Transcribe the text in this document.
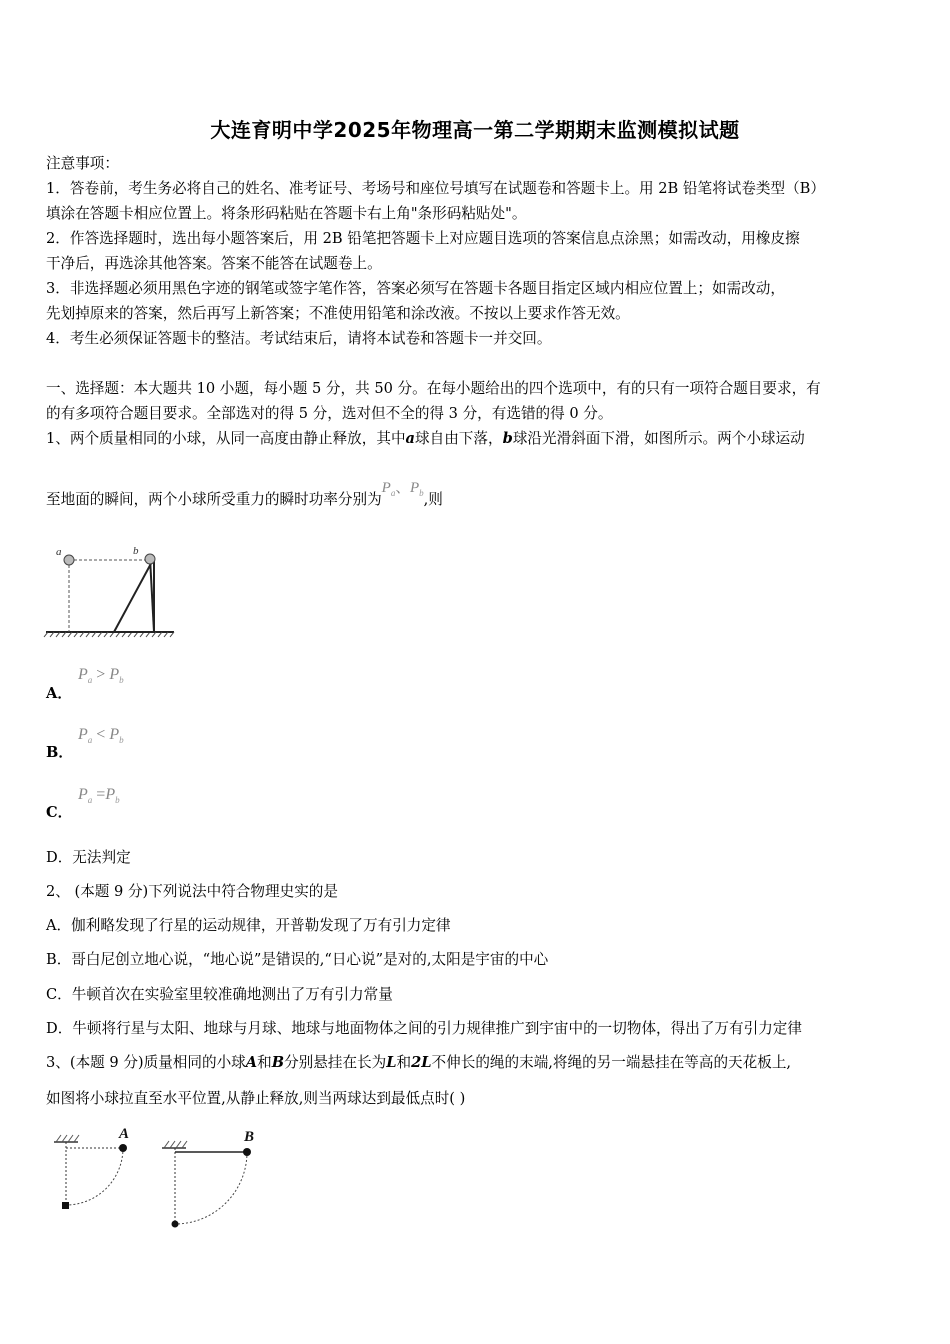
大连育明中学2025年物理高一第二学期期末监测模拟试题
注意事项：
1．答卷前，考生务必将自己的姓名、准考证号、考场号和座位号填写在试题卷和答题卡上。用 2B 铅笔将试卷类型（B）
填涂在答题卡相应位置上。将条形码粘贴在答题卡右上角"条形码粘贴处"。
2．作答选择题时，选出每小题答案后，用 2B 铅笔把答题卡上对应题目选项的答案信息点涂黑；如需改动，用橡皮擦
干净后，再选涂其他答案。答案不能答在试题卷上。
3．非选择题必须用黑色字迹的钢笔或签字笔作答，答案必须写在答题卡各题目指定区域内相应位置上；如需改动，
先划掉原来的答案，然后再写上新答案；不准使用铅笔和涂改液。不按以上要求作答无效。
4．考生必须保证答题卡的整洁。考试结束后，请将本试卷和答题卡一并交回。
一、选择题：本大题共 10 小题，每小题 5 分，共 50 分。在每小题给出的四个选项中，有的只有一项符合题目要求，有
的有多项符合题目要求。全部选对的得 5 分，选对但不全的得 3 分，有选错的得 0 分。
1、两个质量相同的小球，从同一高度由静止释放，其中a球自由下落，b球沿光滑斜面下滑，如图所示。两个小球运动
至地面的瞬间，两个小球所受重力的瞬时功率分别为$P_a$、$P_b$,则
a	b
A．
$P_a > P_b$
B．
$P_a < P_b$
C．
$P_a =P_b$
D．无法判定
2、 (本题 9 分)下列说法中符合物理史实的是
A．伽利略发现了行星的运动规律，开普勒发现了万有引力定律
B．哥白尼创立地心说，“地心说”是错误的,“日心说”是对的,太阳是宇宙的中心
C．牛顿首次在实验室里较准确地测出了万有引力常量
D．牛顿将行星与太阳、地球与月球、地球与地面物体之间的引力规律推广到宇宙中的一切物体，得出了万有引力定律
3、(本题 9 分)质量相同的小球A和B分别悬挂在长为L和2L不伸长的绳的末端,将绳的另一端悬挂在等高的天花板上,
如图将小球拉直至水平位置,从静止释放,则当两球达到最低点时( )
A	B
